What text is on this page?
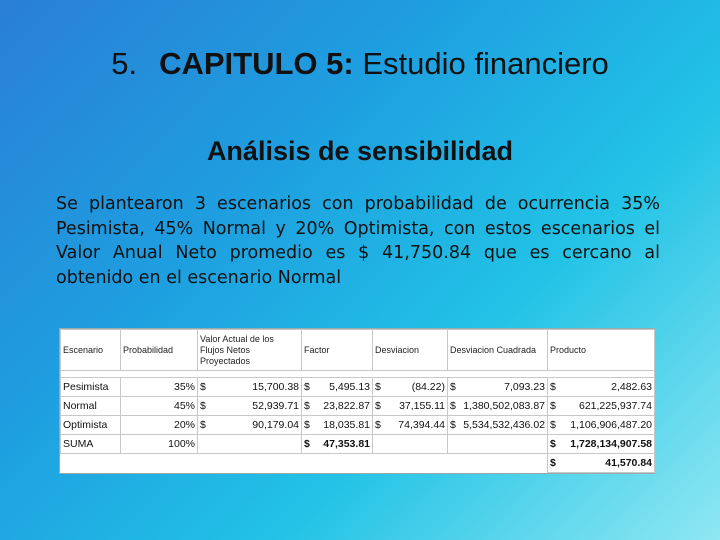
5. CAPITULO 5: Estudio financiero
Análisis de sensibilidad
Se plantearon 3 escenarios con probabilidad de ocurrencia 35% Pesimista, 45% Normal y 20% Optimista, con estos escenarios el Valor Anual Neto promedio es $ 41,750.84 que es cercano al obtenido en el escenario Normal
Escenario	Probabilidad	Valor Actual de los Flujos Netos Proyectados	Factor	Desviacion	Desviacion Cuadrada	Producto

Pesimista	35%	$ 15,700.38	$ 5,495.13	$ (84.22)	$ 7,093.23	$ 2,482.63

Normal	45%	$ 52,939.71	$ 23,822.87	$ 37,155.11	$ 1,380,502,083.87	$ 621,225,937.74

Optimista	20%	$ 90,179.04	$ 18,035.81	$ 74,394.44	$ 5,534,532,436.02	$ 1,106,906,487.20

SUMA	100%		$ 47,353.81			$ 1,728,134,907.58

						$ 41,570.84
